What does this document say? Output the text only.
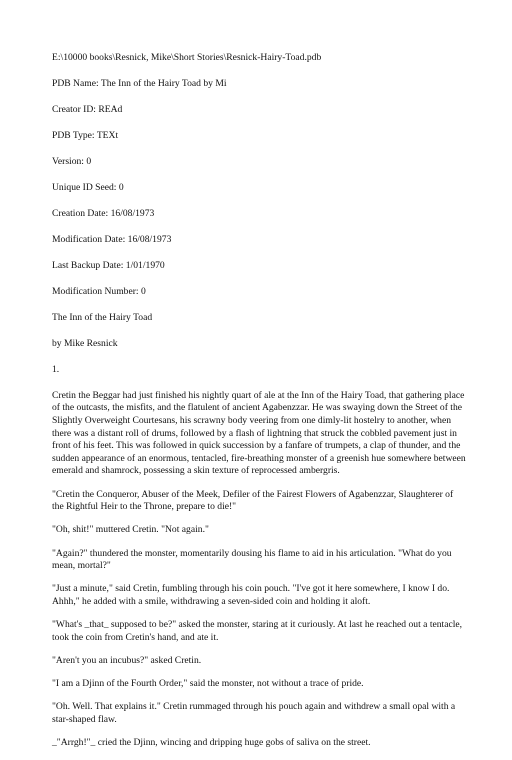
E:\10000 books\Resnick, Mike\Short Stories\Resnick-Hairy-Toad.pdb

PDB Name: The Inn of the Hairy Toad by Mi

Creator ID: REAd

PDB Type: TEXt

Version: 0

Unique ID Seed: 0

Creation Date: 16/08/1973

Modification Date: 16/08/1973

Last Backup Date: 1/01/1970

Modification Number: 0

The Inn of the Hairy Toad

by Mike Resnick

1.

Cretin the Beggar had just finished his nightly quart of ale at the Inn of the Hairy Toad, that gathering place of the outcasts, the misfits, and the flatulent of ancient Agabenzzar. He was swaying down the Street of the Slightly Overweight Courtesans, his scrawny body veering from one dimly-lit hostelry to another, when there was a distant roll of drums, followed by a flash of lightning that struck the cobbled pavement just in front of his feet. This was followed in quick succession by a fanfare of trumpets, a clap of thunder, and the sudden appearance of an enormous, tentacled, fire-breathing monster of a greenish hue somewhere between emerald and shamrock, possessing a skin texture of reprocessed ambergris.

"Cretin the Conqueror, Abuser of the Meek, Defiler of the Fairest Flowers of Agabenzzar, Slaughterer of the Rightful Heir to the Throne, prepare to die!"

"Oh, shit!" muttered Cretin. "Not again."

"Again?" thundered the monster, momentarily dousing his flame to aid in his articulation. "What do you mean, mortal?"

"Just a minute," said Cretin, fumbling through his coin pouch. "I've got it here somewhere, I know I do. Ahhh," he added with a smile, withdrawing a seven-sided coin and holding it aloft.

"What's _that_ supposed to be?" asked the monster, staring at it curiously. At last he reached out a tentacle, took the coin from Cretin's hand, and ate it.

"Aren't you an incubus?" asked Cretin.

"I am a Djinn of the Fourth Order," said the monster, not without a trace of pride.

"Oh. Well. That explains it." Cretin rummaged through his pouch again and withdrew a small opal with a star-shaped flaw.

_"Arrgh!"_ cried the Djinn, wincing and dripping huge gobs of saliva on the street.
